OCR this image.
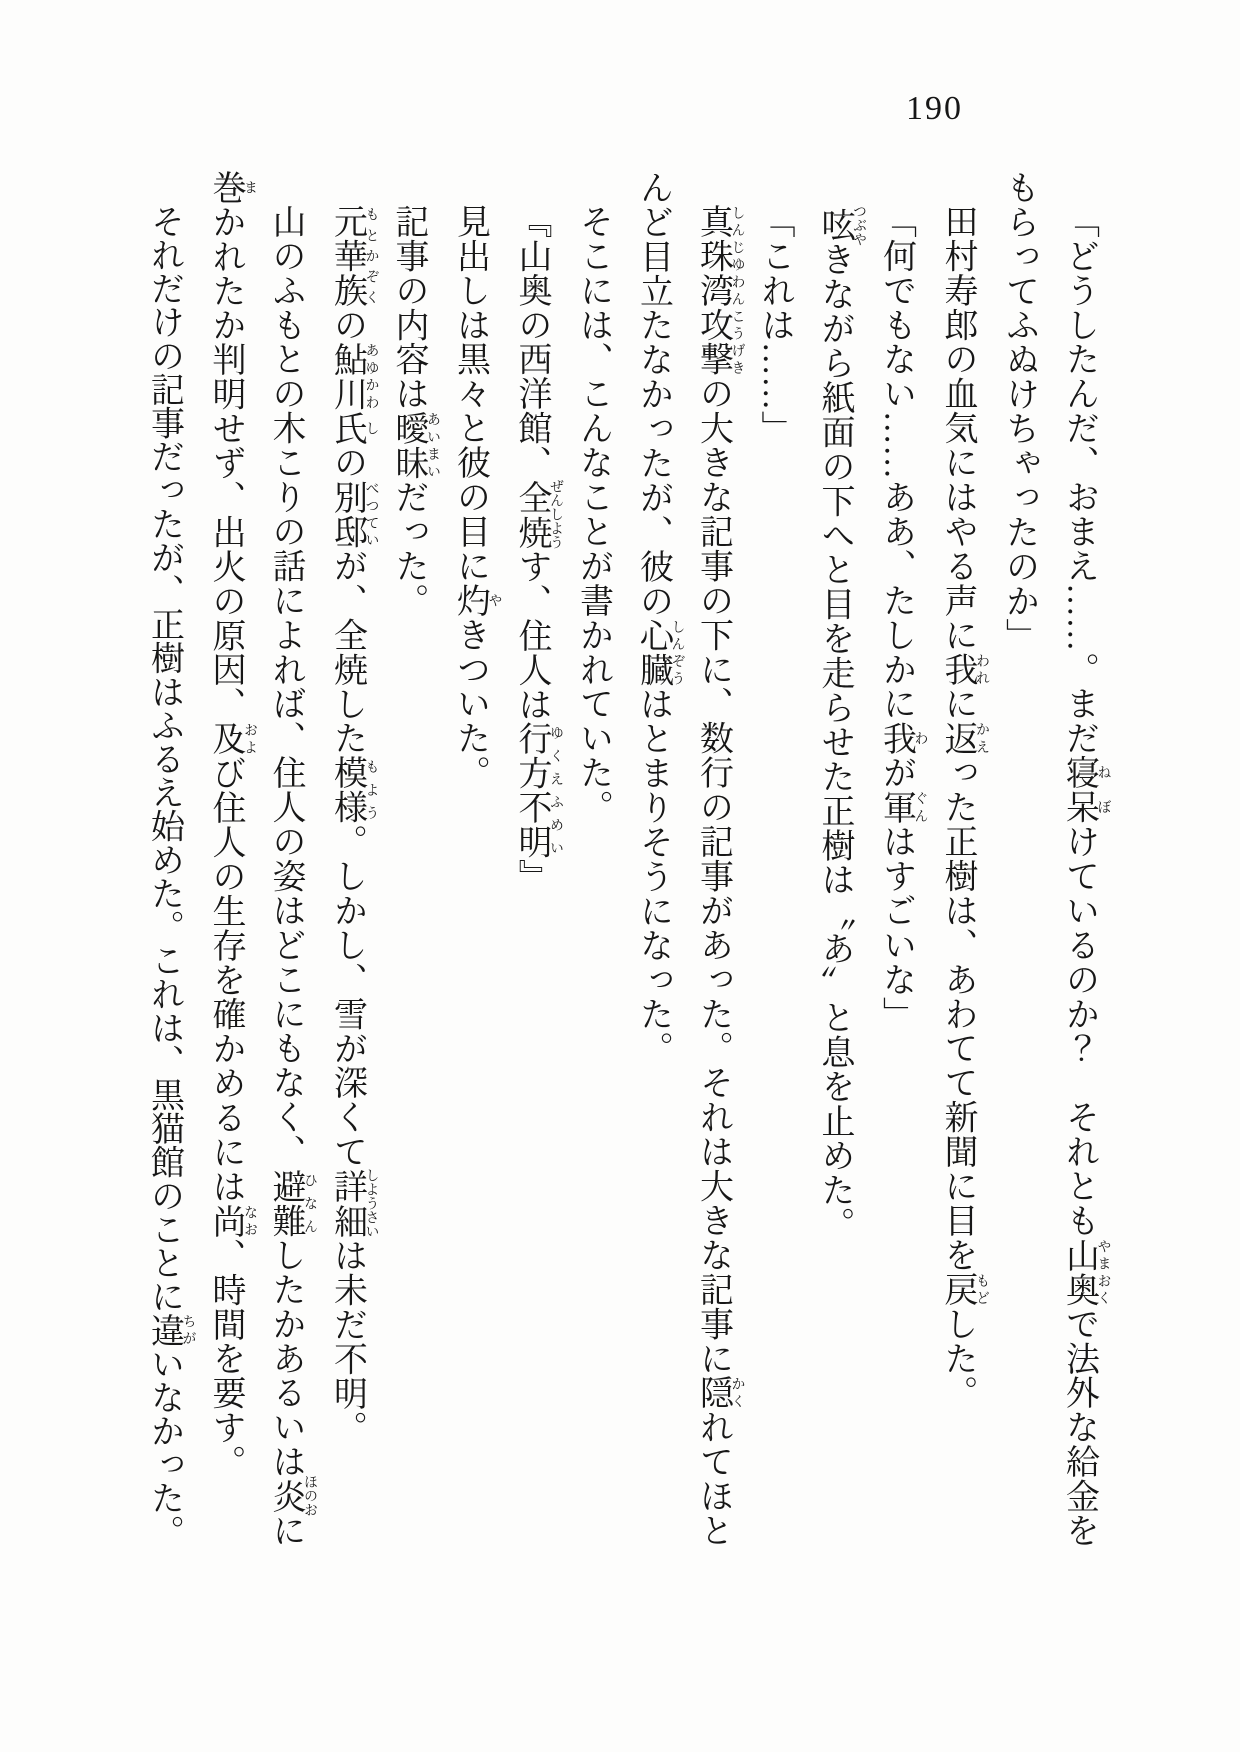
190

「どうしたんだ、おまえ……。まだ寝呆ねぼけているのか？　それとも山奥やまおくで法外な給金をもらってふぬけちゃったのか」

田村寿郎の血気にはやる声に我われに返かえった正樹は、あわてて新聞に目を戻もどした。

「何でもない……ああ、たしかに我わが軍ぐんはすごいな」

呟つぶやきながら紙面の下へと目を走らせた正樹は〝あ〟と息を止めた。

「これは……」

真珠湾攻撃しんじゆわんこうげきの大きな記事の下に、数行の記事があった。それは大きな記事に隠かくれてほとんど目立たなかったが、彼の心臓しんぞうはとまりそうになった。

そこには、こんなことが書かれていた。

『山奥の西洋館、全焼ぜんしようす、住人は行方不明ゆくえふめい』

見出しは黒々と彼の目に灼やきついた。

記事の内容は曖昧あいまいだった。

元華族もとかぞくの鮎川あゆかわ氏しの別邸べつていが、全焼した模様もよう。しかし、雪が深くて詳細しようさいは未だ不明。

山のふもとの木こりの話によれば、住人の姿はどこにもなく、避難ひなんしたかあるいは炎ほのおに巻まかれたか判明せず、出火の原因、及および住人の生存を確かめるには尚なお、時間を要す。

それだけの記事だったが、正樹はふるえ始めた。これは、黒猫館のことに違ちがいなかった。
